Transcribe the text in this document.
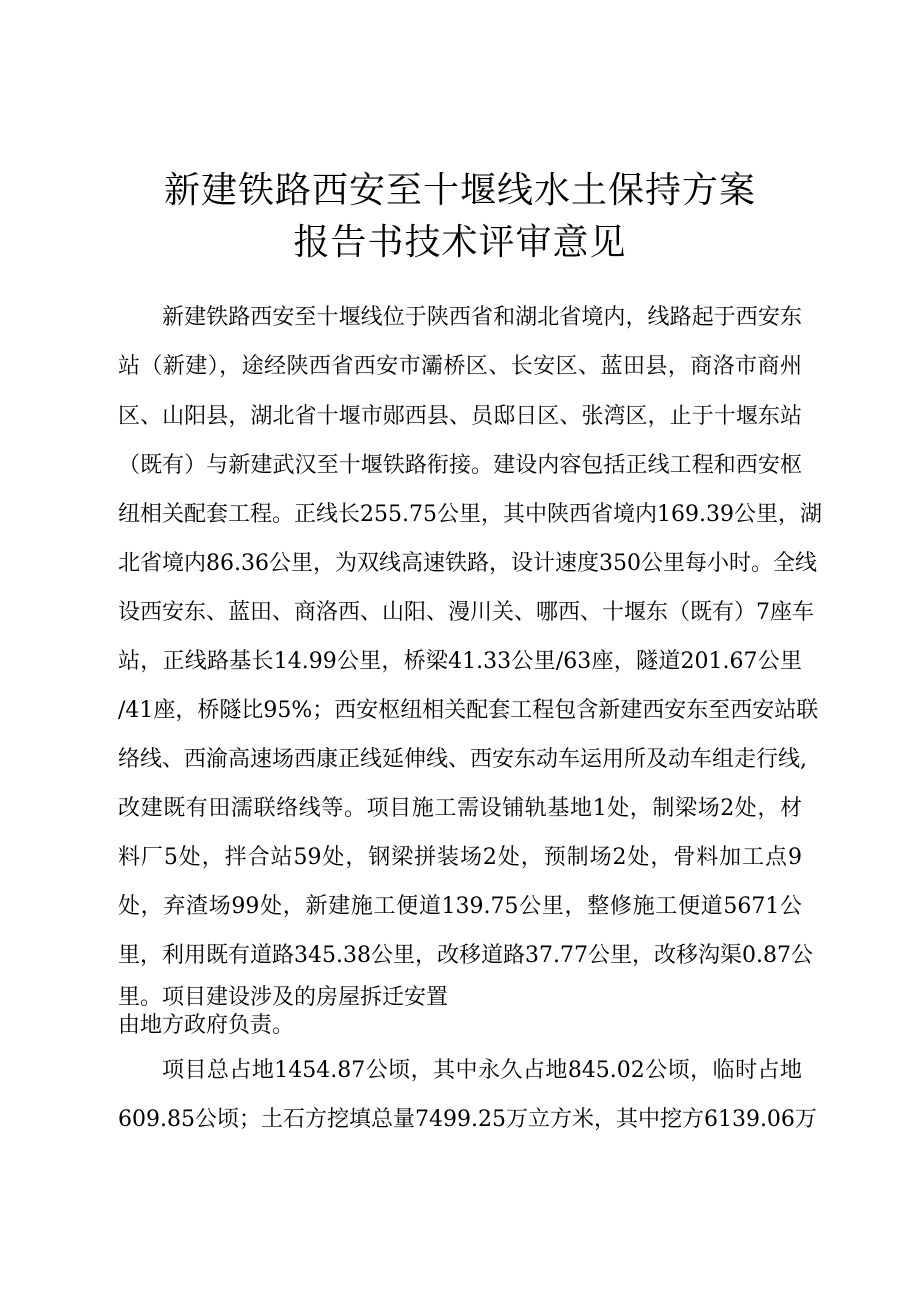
新建铁路西安至十堰线水土保持方案
报告书技术评审意见
新建铁路西安至十堰线位于陕西省和湖北省境内，线路起于西安东
站（新建），途经陕西省西安市灞桥区、长安区、蓝田县，商洛市商州
区、山阳县，湖北省十堰市郧西县、员邸日区、张湾区，止于十堰东站
（既有）与新建武汉至十堰铁路衔接。建设内容包括正线工程和西安枢
纽相关配套工程。正线长255.75公里，其中陕西省境内169.39公里，湖
北省境内86.36公里，为双线高速铁路，设计速度350公里每小时。全线
设西安东、蓝田、商洛西、山阳、漫川关、哪西、十堰东（既有）7座车
站，正线路基长14.99公里，桥梁41.33公里/63座，隧道201.67公里
/41座，桥隧比95%；西安枢纽相关配套工程包含新建西安东至西安站联
络线、西渝高速场西康正线延伸线、西安东动车运用所及动车组走行线,
改建既有田濡联络线等。项目施工需设铺轨基地1处，制梁场2处，材
料厂5处，拌合站59处，钢梁拼装场2处，预制场2处，骨料加工点9
处，弃渣场99处，新建施工便道139.75公里，整修施工便道5671公
里，利用既有道路345.38公里，改移道路37.77公里，改移沟渠0.87公
里。项目建设涉及的房屋拆迁安置
由地方政府负责。
项目总占地1454.87公顷，其中永久占地845.02公顷，临时占地
609.85公顷；土石方挖填总量7499.25万立方米，其中挖方6139.06万
